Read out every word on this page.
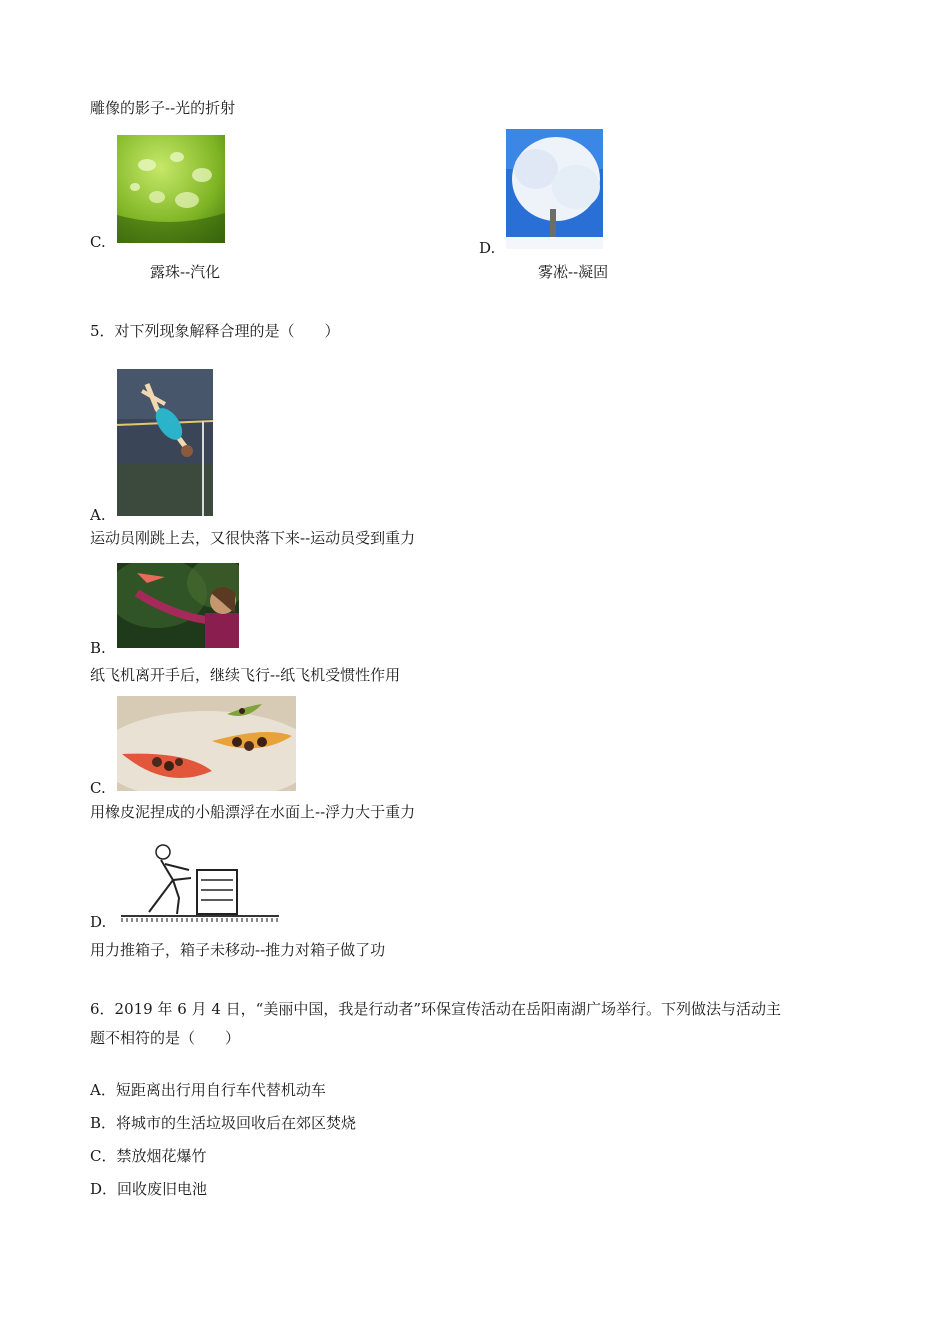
雕像的影子--光的折射
C.
露珠--汽化
D.
雾凇--凝固
5．对下列现象解释合理的是（　　）
A.
运动员刚跳上去，又很快落下来--运动员受到重力
B.
纸飞机离开手后，继续飞行--纸飞机受惯性作用
C.
用橡皮泥捏成的小船漂浮在水面上--浮力大于重力
D.
用力推箱子，箱子未移动--推力对箱子做了功
6．2019 年 6 月 4 日，“美丽中国，我是行动者”环保宣传活动在岳阳南湖广场举行。下列做法与活动主
题不相符的是（　　）
A．短距离出行用自行车代替机动车
B．将城市的生活垃圾回收后在郊区焚烧
C．禁放烟花爆竹
D．回收废旧电池
